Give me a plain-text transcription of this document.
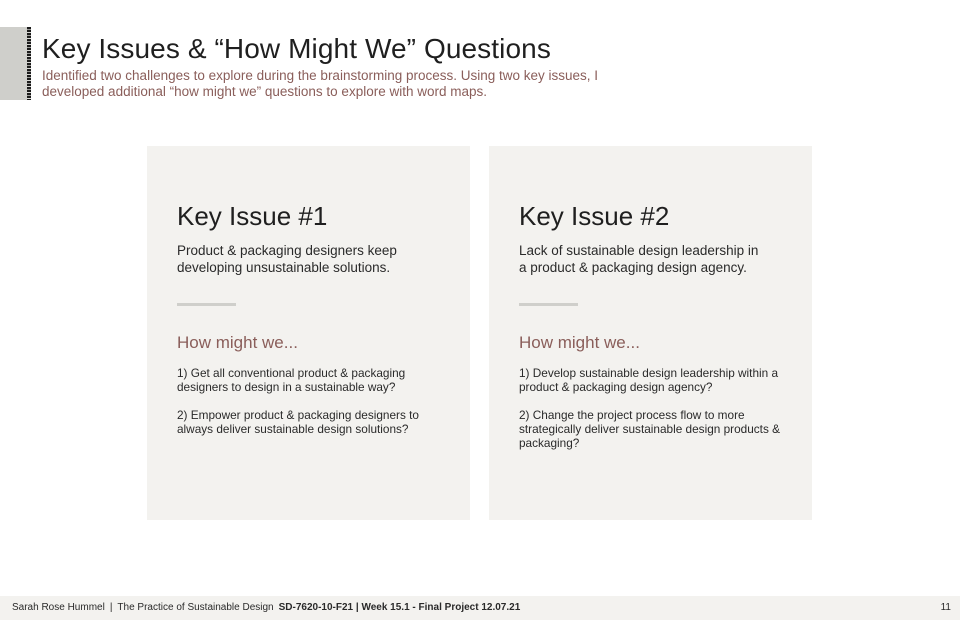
Key Issues & “How Might We” Questions

Identified two challenges to explore during the brainstorming process. Using two key issues, I developed additional “how might we” questions to explore with word maps.

Key Issue #1

Product & packaging designers keep developing unsustainable solutions.

How might we...
1) Get all conventional product & packaging designers to design in a sustainable way?
2) Empower product & packaging designers to always deliver sustainable design solutions?
Key Issue #2

Lack of sustainable design leadership in a product & packaging design agency.

How might we...
1) Develop sustainable design leadership within a product & packaging design agency?
2) Change the project process flow to more strategically deliver sustainable design products & packaging?
Sarah Rose Hummel | The Practice of Sustainable Design SD-7620-10-F21 | Week 15.1 - Final Project 12.07.21	11
